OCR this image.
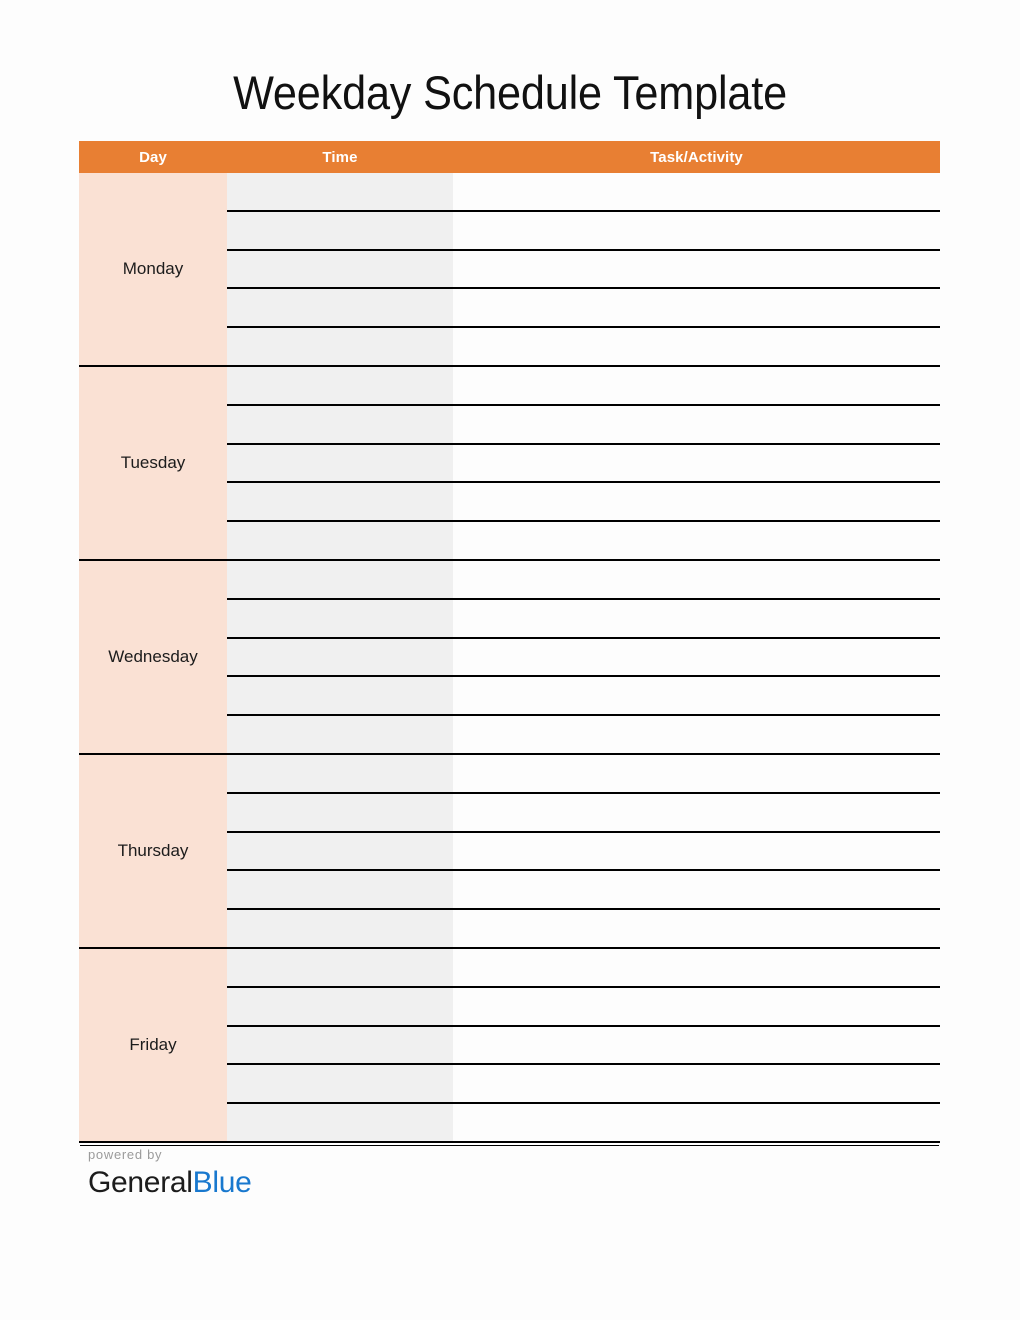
Weekday Schedule Template
Day	Time	Task/Activity
Monday
Tuesday
Wednesday
Thursday
Friday
powered by
GeneralBlue
